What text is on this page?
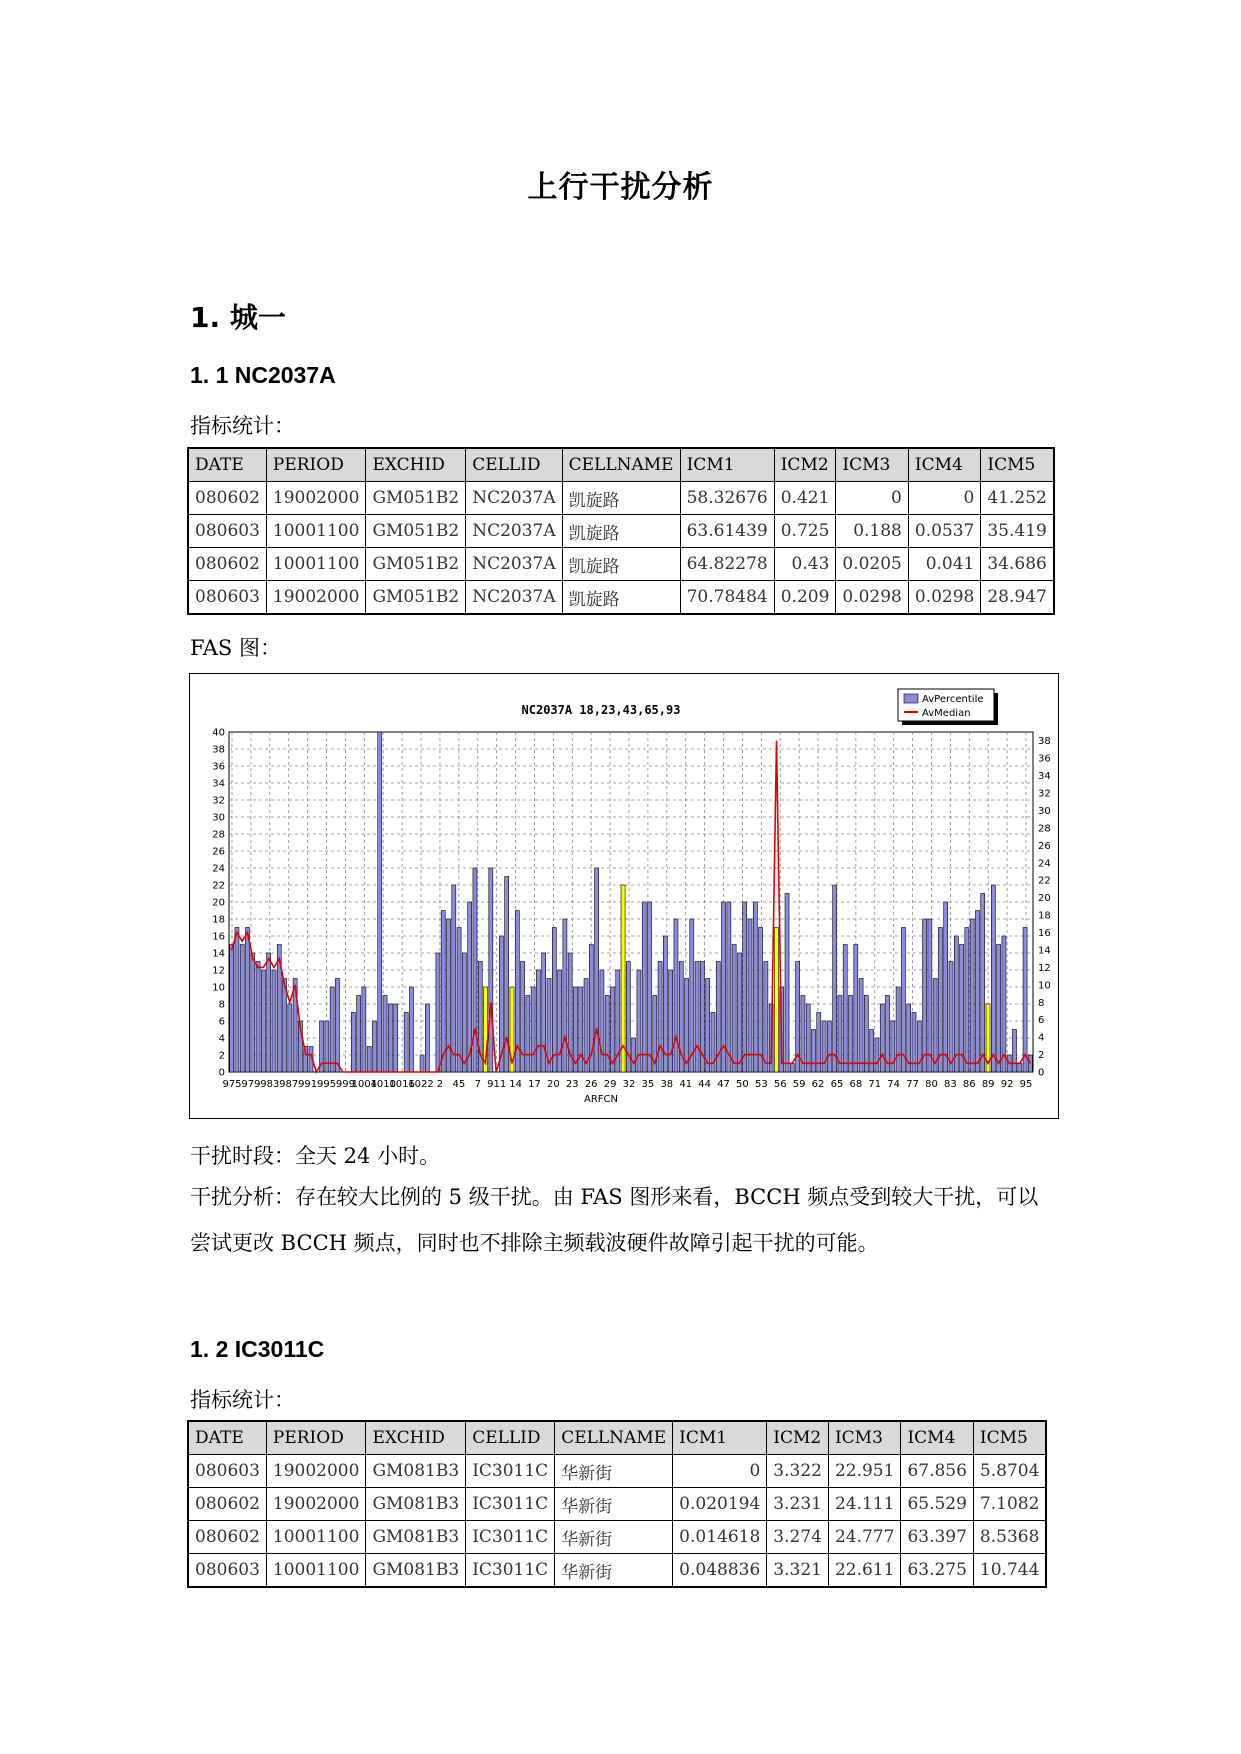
上行干扰分析
1. 城一
1. 1 NC2037A
指标统计：
DATE	PERIOD	EXCHID	CELLID	CELLNAME	ICM1	ICM2	ICM3	ICM4	ICM5
080602	19002000	GM051B2	NC2037A	凯旋路	58.32676	0.421	0	0	41.252
080603	10001100	GM051B2	NC2037A	凯旋路	63.61439	0.725	0.188	0.0537	35.419
080602	10001100	GM051B2	NC2037A	凯旋路	64.82278	0.43	0.0205	0.041	34.686
080603	19002000	GM051B2	NC2037A	凯旋路	70.78484	0.209	0.0298	0.0298	28.947
FAS 图：
0
2
4
6
8
10
12
14
16
18
20
22
24
26
28
30
32
34
36
38
40
0
2
4
6
8
10
12
14
16
18
20
22
24
26
28
30
32
34
36
38
975 979 983 987 991 995 999
1004
1010
1016
1022 2 45 7 911 14 17 20 23 26 29 32 35 38 41 44 47 50 53 56 59 62 65 68 71 74 77 80 83 86 89 92 95
NC2037A 18,23,43,65,93
ARFCN
AvPercentile
AvMedian
干扰时段：全天 24 小时。
干扰分析：存在较大比例的 5 级干扰。由 FAS 图形来看，BCCH 频点受到较大干扰，可以尝试更改 BCCH 频点，同时也不排除主频载波硬件故障引起干扰的可能。
1. 2 IC3011C
指标统计：
DATE	PERIOD	EXCHID	CELLID	CELLNAME	ICM1	ICM2	ICM3	ICM4	ICM5
080603	19002000	GM081B3	IC3011C	华新街	0	3.322	22.951	67.856	5.8704
080602	19002000	GM081B3	IC3011C	华新街	0.020194	3.231	24.111	65.529	7.1082
080602	10001100	GM081B3	IC3011C	华新街	0.014618	3.274	24.777	63.397	8.5368
080603	10001100	GM081B3	IC3011C	华新街	0.048836	3.321	22.611	63.275	10.744
